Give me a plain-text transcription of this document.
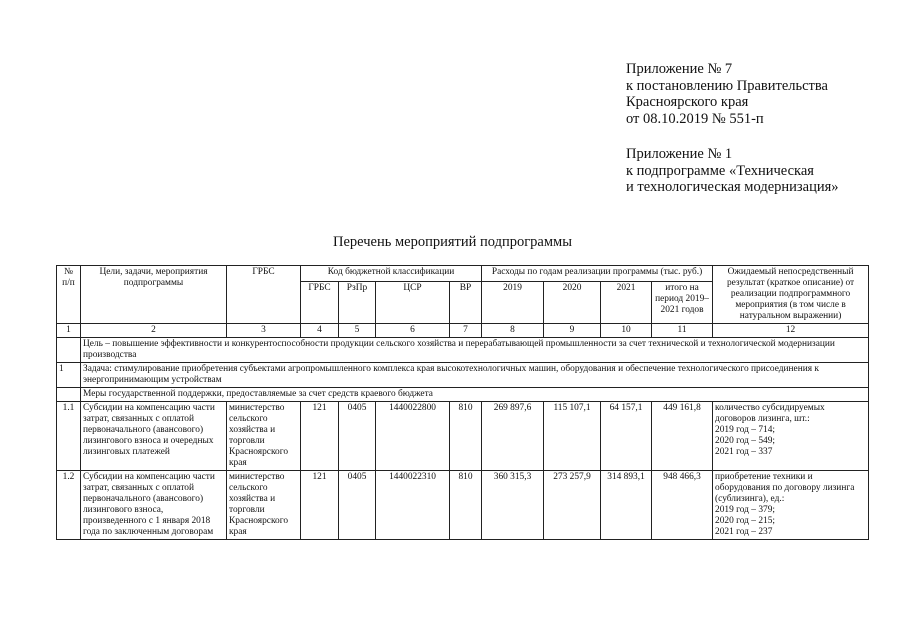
Приложение № 7
к постановлению Правительства
Красноярского края
от 08.10.2019 № 551-п
Приложение № 1
к подпрограмме «Техническая
и технологическая модернизация»
Перечень мероприятий подпрограммы
№
п/п	Цели, задачи, мероприятия
подпрограммы	ГРБС	Код бюджетной классификации				Расходы по годам реализации программы (тыс. руб.)				Ожидаемый непосредственный результат (краткое описание) от реализации подпрограммного мероприятия (в том числе в натуральном выражении)
			ГРБС	РзПр	ЦСР	ВР	2019	2020	2021	итого на период 2019–2021 годов	
1	2	3	4	5	6	7	8	9	10	11	12
	Цель – повышение эффективности и конкурентоспособности продукции сельского хозяйства и перерабатывающей промышленности за счет технической и технологической модернизации производства										
1	Задача: стимулирование приобретения субъектами агропромышленного комплекса края высокотехнологичных машин, оборудования и обеспечение технологического присоединения к энергопринимающим устройствам										
	Меры государственной поддержки, предоставляемые за счет средств краевого бюджета										
1.1	Субсидии на компенсацию части затрат, связанных с оплатой первоначального (авансового) лизингового взноса и очередных лизинговых платежей	министерство сельского хозяйства и торговли Красноярского края	121	0405	1440022800	810	269 897,6	115 107,1	64 157,1	449 161,8	количество субсидируемых договоров лизинга, шт.:
2019 год – 714;
2020 год – 549;
2021 год – 337
1.2	Субсидии на компенсацию части затрат, связанных с оплатой первоначального (авансового) лизингового взноса, произведенного с 1 января 2018 года по заключенным договорам	министерство сельского хозяйства и торговли Красноярского края	121	0405	1440022310	810	360 315,3	273 257,9	314 893,1	948 466,3	приобретение техники и оборудования по договору лизинга (сублизинга), ед.:
2019 год – 379;
2020 год – 215;
2021 год – 237
